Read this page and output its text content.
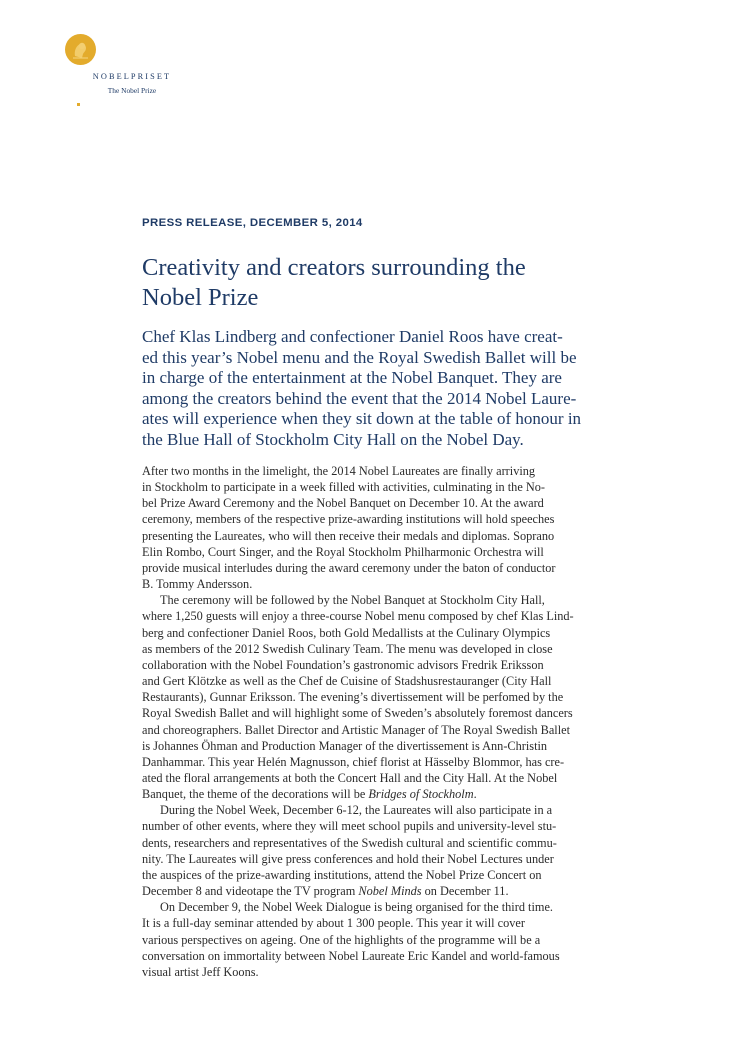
NOBELPRISET
The Nobel Prize
PRESS RELEASE, DECEMBER 5, 2014
Creativity and creators surrounding the
Nobel Prize
Chef Klas Lindberg and confectioner Daniel Roos have creat-
ed this year’s Nobel menu and the Royal Swedish Ballet will be
in charge of the entertainment at the Nobel Banquet. They are
among the creators behind the event that the 2014 Nobel Laure-
ates will experience when they sit down at the table of honour in
the Blue Hall of Stockholm City Hall on the Nobel Day.
After two months in the limelight, the 2014 Nobel Laureates are finally arriving
in Stockholm to participate in a week filled with activities, culminating in the No-
bel Prize Award Ceremony and the Nobel Banquet on December 10. At the award
ceremony, members of the respective prize-awarding institutions will hold speeches
presenting the Laureates, who will then receive their medals and diplomas. Soprano
Elin Rombo, Court Singer, and the Royal Stockholm Philharmonic Orchestra will
provide musical interludes during the award ceremony under the baton of conductor
B. Tommy Andersson.
The ceremony will be followed by the Nobel Banquet at Stockholm City Hall,
where 1,250 guests will enjoy a three-course Nobel menu composed by chef Klas Lind-
berg and confectioner Daniel Roos, both Gold Medallists at the Culinary Olympics
as members of the 2012 Swedish Culinary Team. The menu was developed in close
collaboration with the Nobel Foundation’s gastronomic advisors Fredrik Eriksson
and Gert Klötzke as well as the Chef de Cuisine of Stadshusrestauranger (City Hall
Restaurants), Gunnar Eriksson. The evening’s divertissement will be perfomed by the
Royal Swedish Ballet and will highlight some of Sweden’s absolutely foremost dancers
and choreographers. Ballet Director and Artistic Manager of The Royal Swedish Ballet
is Johannes Öhman and Production Manager of the divertissement is Ann-Christin
Danhammar. This year Helén Magnusson, chief florist at Hässelby Blommor, has cre-
ated the floral arrangements at both the Concert Hall and the City Hall. At the Nobel
Banquet, the theme of the decorations will be Bridges of Stockholm.
During the Nobel Week, December 6-12, the Laureates will also participate in a
number of other events, where they will meet school pupils and university-level stu-
dents, researchers and representatives of the Swedish cultural and scientific commu-
nity. The Laureates will give press conferences and hold their Nobel Lectures under
the auspices of the prize-awarding institutions, attend the Nobel Prize Concert on
December 8 and videotape the TV program Nobel Minds on December 11.
On December 9, the Nobel Week Dialogue is being organised for the third time.
It is a full-day seminar attended by about 1 300 people. This year it will cover
various perspectives on ageing. One of the highlights of the programme will be a
conversation on immortality between Nobel Laureate Eric Kandel and world-famous
visual artist Jeff Koons.
